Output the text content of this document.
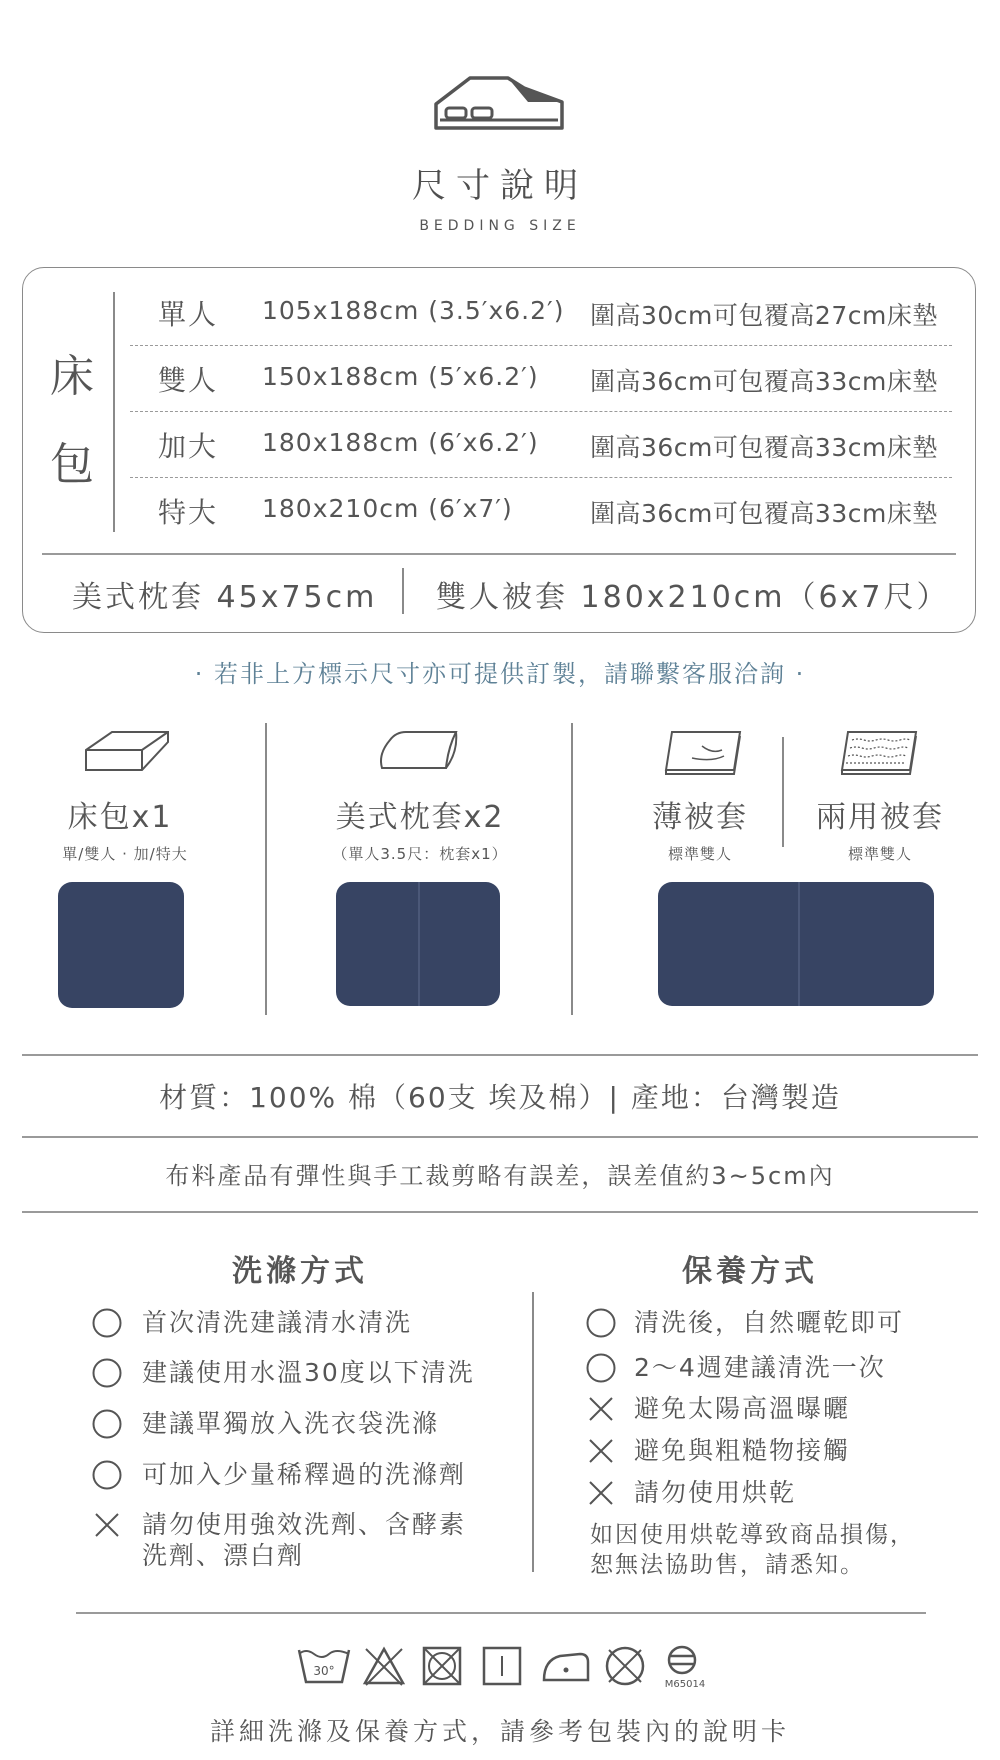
尺寸說明
BEDDING SIZE
床
包
單人 105x188cm (3.5′x6.2′) 圍高30cm可包覆高27cm床墊
雙人 150x188cm (5′x6.2′) 圍高36cm可包覆高33cm床墊
加大 180x188cm (6′x6.2′) 圍高36cm可包覆高33cm床墊
特大 180x210cm (6′x7′)	圍高36cm可包覆高33cm床墊
美式枕套 45x75cm 雙人被套 180x210cm（6x7尺）
· 若非上方標示尺寸亦可提供訂製，請聯繫客服洽詢 ·
床包x1
單/雙人 · 加/特大
美式枕套x2
（單人3.5尺：枕套x1）
薄被套
標準雙人
兩用被套
標準雙人
材質：100% 棉（60支 埃及棉）| 產地：台灣製造
布料產品有彈性與手工裁剪略有誤差，誤差值約3~5cm內
洗滌方式	保養方式
首次清洗建議清水清洗
建議使用水溫30度以下清洗
建議單獨放入洗衣袋洗滌
可加入少量稀釋過的洗滌劑
請勿使用強效洗劑、含酵素
洗劑、漂白劑
清洗後，自然曬乾即可
2～4週建議清洗一次
避免太陽高溫曝曬
避免與粗糙物接觸
請勿使用烘乾
如因使用烘乾導致商品損傷，
恕無法協助售，請悉知。
30°
M65014
詳細洗滌及保養方式，請參考包裝內的說明卡
